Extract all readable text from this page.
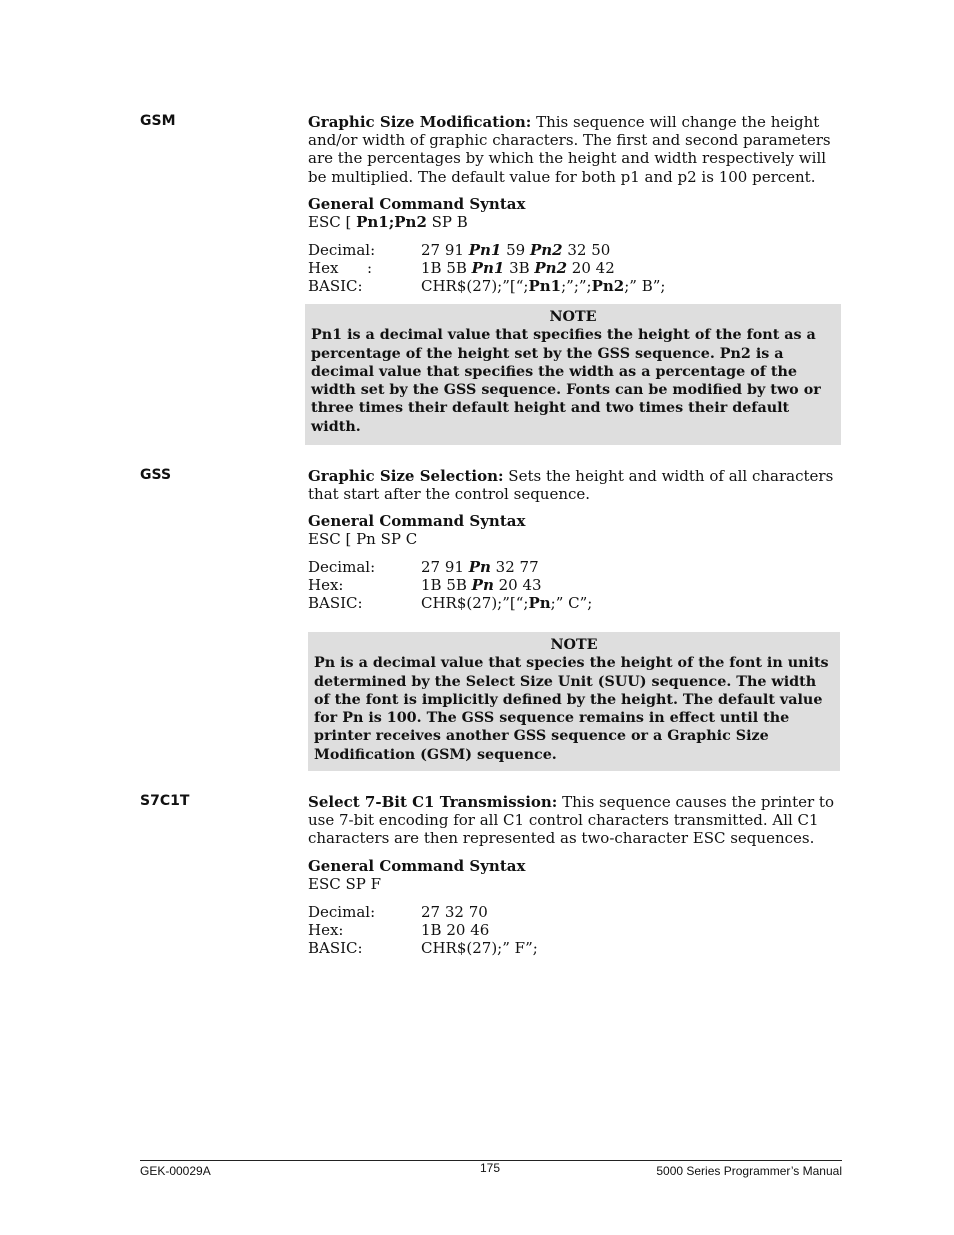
GSM	Graphic Size Modification: This sequence will change the height and/or width of graphic characters. The first and second parameters are the percentages by which the height and width respectively will be multiplied. The default value for both p1 and p2 is 100 percent.

General Command Syntax
ESC [ Pn1;Pn2 SP B
Decimal:	27 91 Pn1 59 Pn2 32 50
Hex      :	1B 5B Pn1 3B Pn2 20 42
BASIC:	CHR$(27);”[“;Pn1;”;”;Pn2;” B”;
NOTE
Pn1 is a decimal value that specifies the height of the font as a percentage of the height set by the GSS sequence. Pn2 is a decimal value that specifies the width as a percentage of the width set by the GSS sequence. Fonts can be modified by two or three times their default height and two times their default width.
GSS	Graphic Size Selection: Sets the height and width of all characters that start after the control sequence.

General Command Syntax
ESC [ Pn SP C
Decimal:	27 91 Pn 32 77
Hex:	1B 5B Pn 20 43
BASIC:	CHR$(27);”[“;Pn;” C”;
NOTE
Pn is a decimal value that species the height of the font in units determined by the Select Size Unit (SUU) sequence. The width of the font is implicitly defined by the height. The default value for Pn is 100. The GSS sequence remains in effect until the printer receives another GSS sequence or a Graphic Size Modification (GSM) sequence.
S7C1T	Select 7-Bit C1 Transmission: This sequence causes the printer to use 7-bit encoding for all C1 control characters transmitted. All C1 characters are then represented as two-character ESC sequences.

General Command Syntax
ESC SP F
Decimal:	27 32 70
Hex:	1B 20 46
BASIC:	CHR$(27);” F”;
GEK-00029A	175	5000 Series Programmer’s Manual
